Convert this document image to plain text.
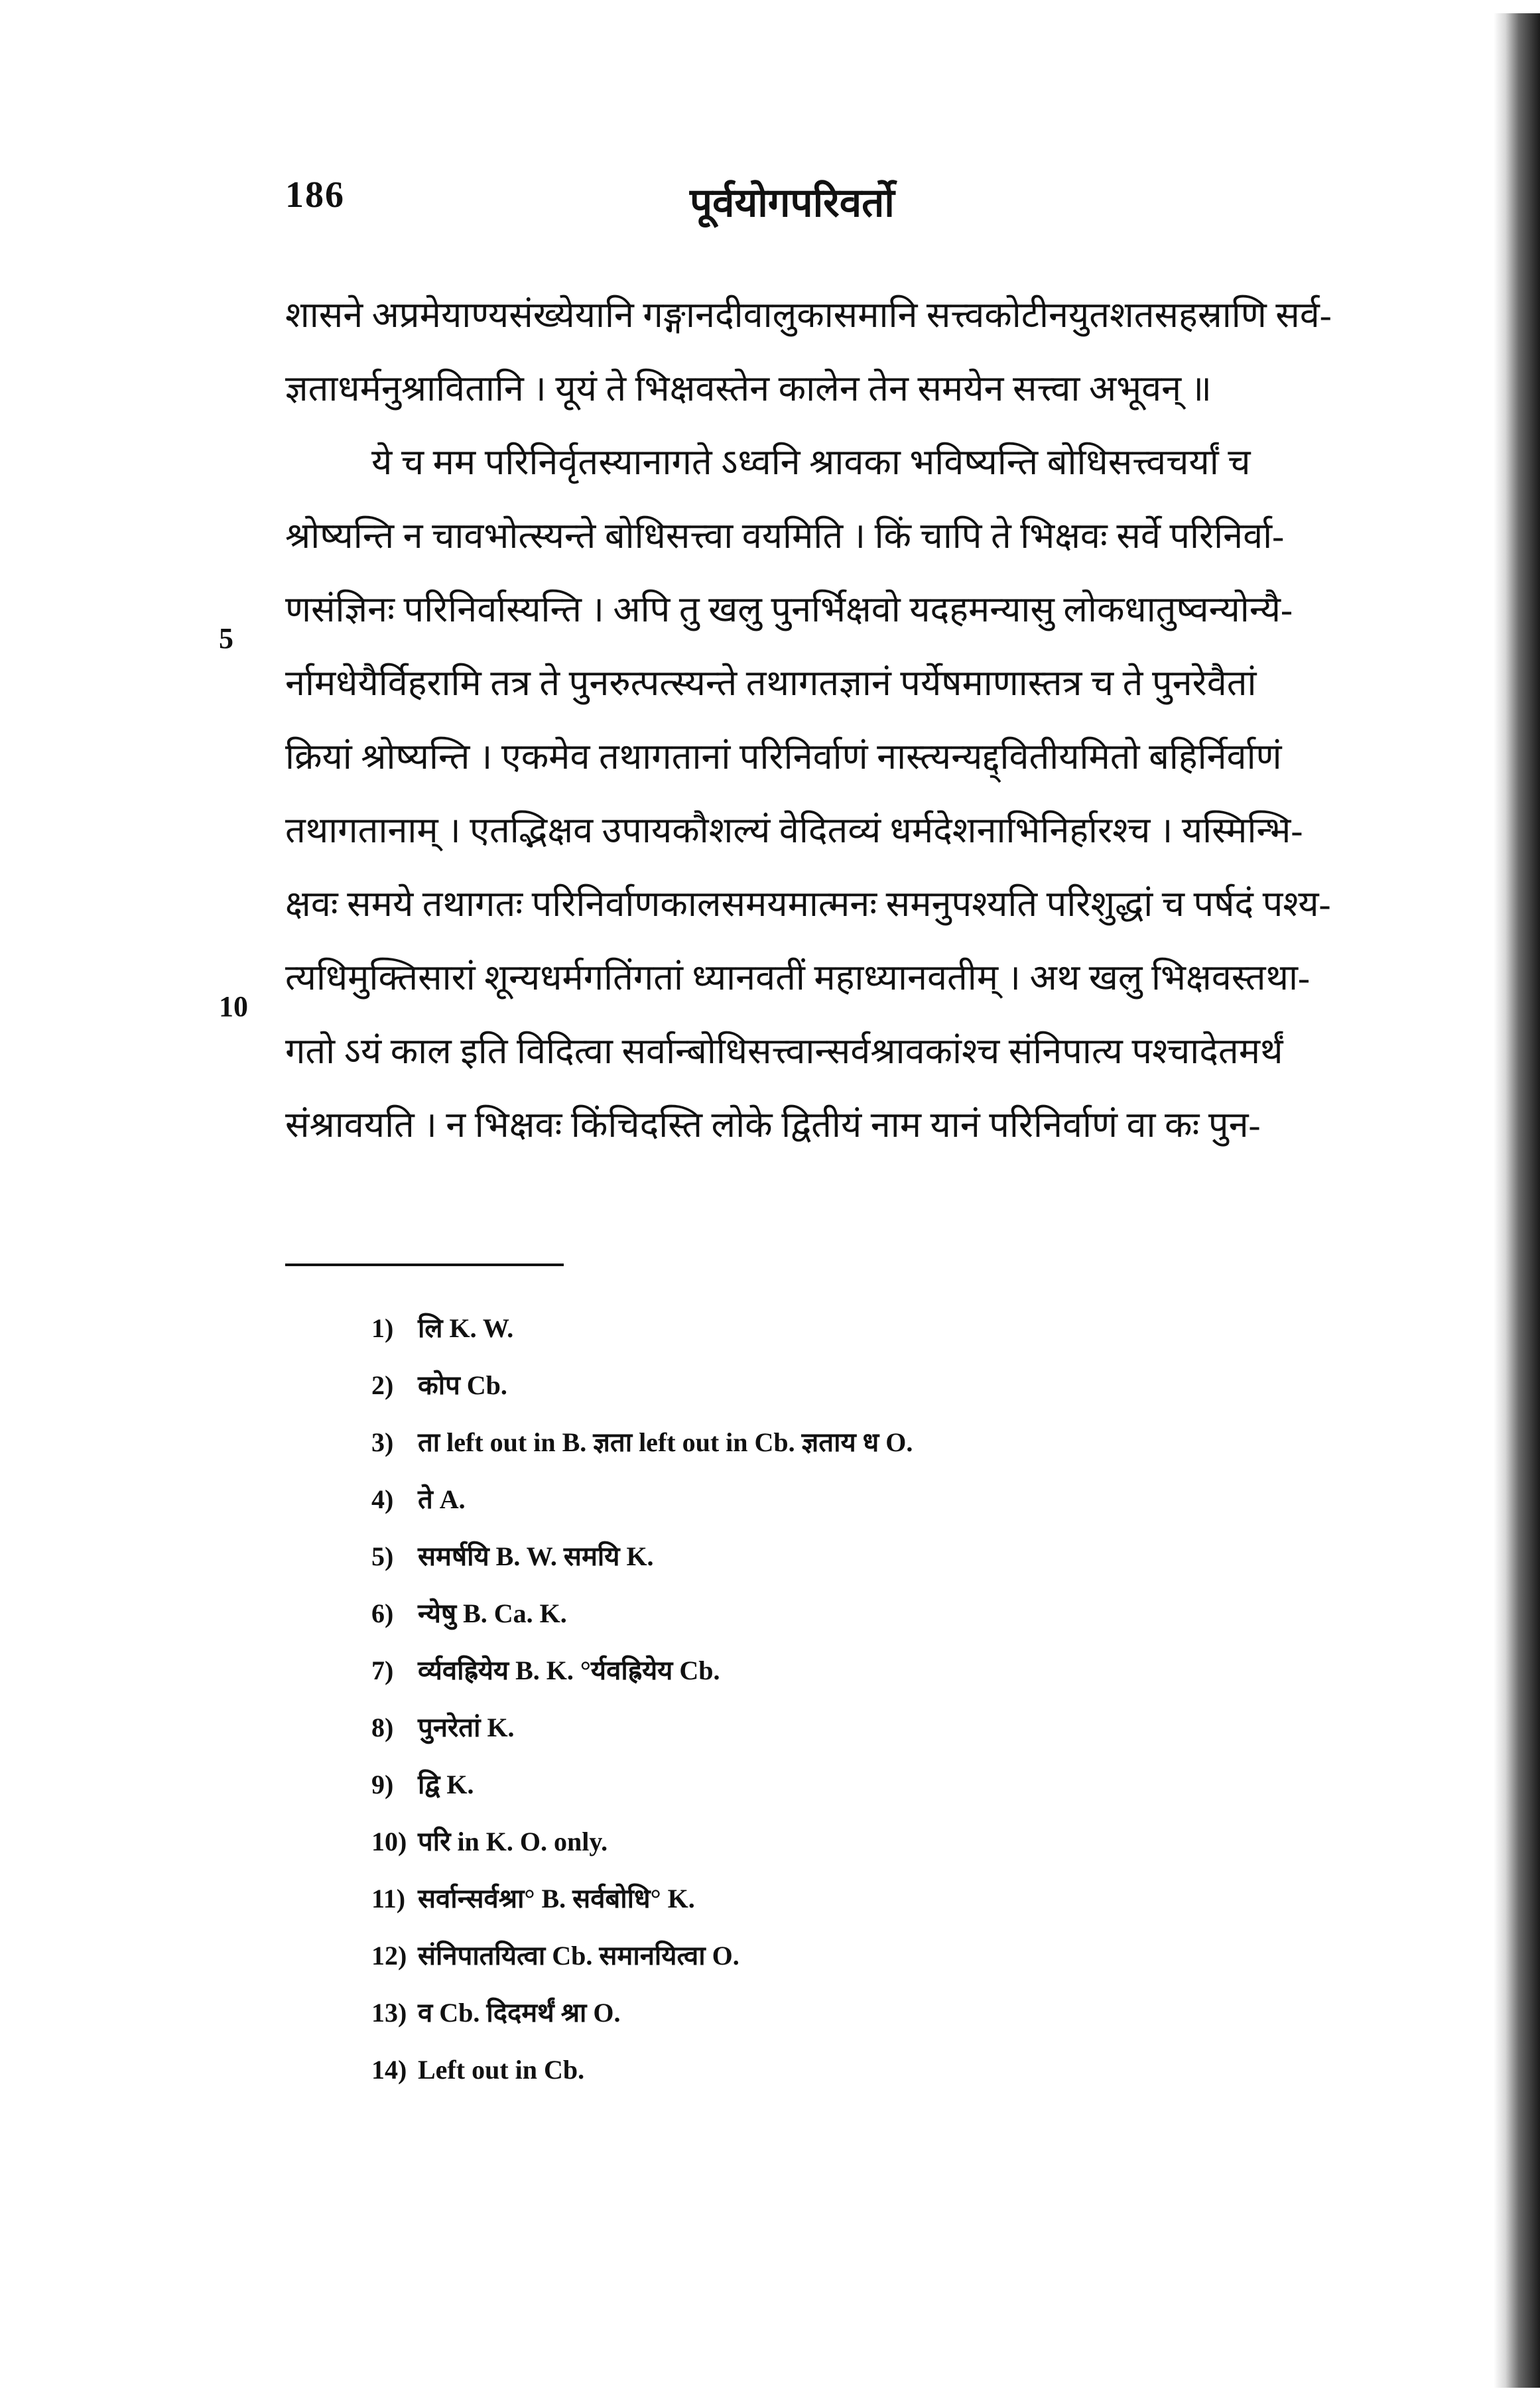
186	पूर्वयोगपरिवर्तो
5
10
शासने अप्रमेयाण्यसंख्येयानि गङ्गानदीवालुकासमानि सत्त्वकोटीनयुतशतसहस्राणि सर्व-
ज्ञताधर्मनुश्रावितानि । यूयं ते भिक्षवस्तेन कालेन तेन समयेन सत्त्वा अभूवन् ॥
ये च मम परिनिर्वृतस्यानागते ऽध्वनि श्रावका भविष्यन्ति बोधिसत्त्वचर्यां च
श्रोष्यन्ति न चावभोत्स्यन्ते बोधिसत्त्वा वयमिति । किं चापि ते भिक्षवः सर्वे परिनिर्वा-
णसंज्ञिनः परिनिर्वास्यन्ति । अपि तु खलु पुनर्भिक्षवो यदहमन्यासु लोकधातुष्वन्योन्यै-
र्नामधेयैर्विहरामि तत्र ते पुनरुत्पत्स्यन्ते तथागतज्ञानं पर्येषमाणास्तत्र च ते पुनरेवैतां
क्रियां श्रोष्यन्ति । एकमेव तथागतानां परिनिर्वाणं नास्त्यन्यद्द्वितीयमितो बहिर्निर्वाणं
तथागतानाम् । एतद्भिक्षव उपायकौशल्यं वेदितव्यं धर्मदेशनाभिनिर्हारश्च । यस्मिन्भि-
क्षवः समये तथागतः परिनिर्वाणकालसमयमात्मनः समनुपश्यति परिशुद्धां च पर्षदं पश्य-
त्यधिमुक्तिसारां शून्यधर्मगतिंगतां ध्यानवतीं महाध्यानवतीम् । अथ खलु भिक्षवस्तथा-
गतो ऽयं काल इति विदित्वा सर्वान्बोधिसत्त्वान्सर्वश्रावकांश्च संनिपात्य पश्चादेतमर्थं
संश्रावयति । न भिक्षवः किंचिदस्ति लोके द्वितीयं नाम यानं परिनिर्वाणं वा कः पुन-
1) लि K. W.
2) कोप Cb.
3) ता left out in B. ज्ञता left out in Cb. ज्ञताय ध O.
4) ते A.
5) समर्षयि B. W. समयि K.
6) न्येषु B. Ca. K.
7) र्व्यवह्रियेय B. K. °र्यवह्रियेय Cb.
8) पुनरेतां K.
9) द्वि K.
10) परि in K. O. only.
11) सर्वान्सर्वश्रा° B. सर्वबोधि° K.
12) संनिपातयित्वा Cb. समानयित्वा O.
13) व Cb. दिदमर्थं श्रा O.
14) Left out in Cb.
